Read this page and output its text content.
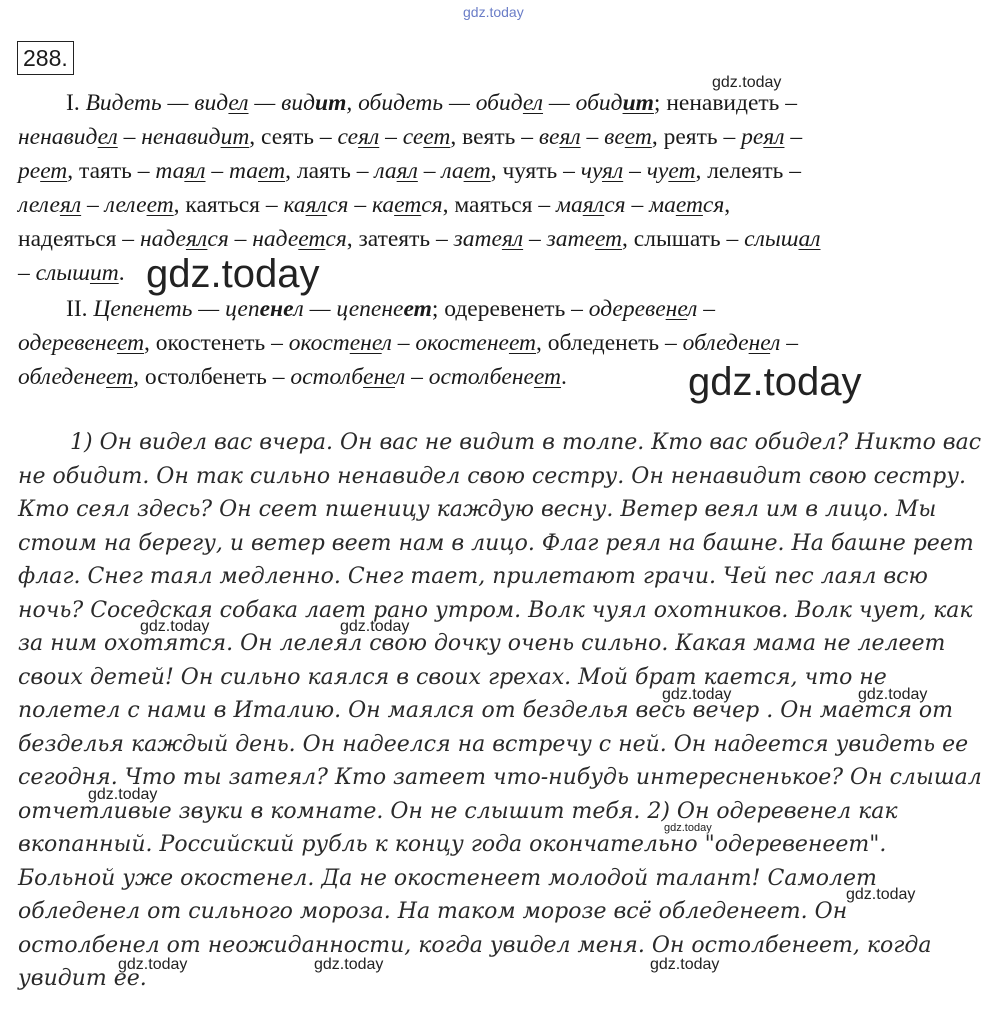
gdz.today
288.
I. Видеть — видел — видит, обидеть — обидел — обидит; ненавидеть –
ненавидел – ненавидит, сеять – сеял – сеет, веять – веял – веет, реять – реял –
реет, таять – таял – тает, лаять – лаял – лает, чуять – чуял – чует, лелеять –
лелеял – лелеет, каяться – каялся – кается, маяться – маялся – мается,
надеяться – надеялся – надеется, затеять – затеял – затеет, слышать – слышал
– слышит.
II. Цепенеть — цепенел — цепенеет; одеревенеть – одеревенел –
одеревенеет, окостенеть – окостенел – окостенеет, обледенеть – обледенел –
обледенеет, остолбенеть – остолбенел – остолбенеет.
1) Он видел вас вчера. Он вас не видит в толпе. Кто вас обидел? Никто вас
не обидит. Он так сильно ненавидел свою сестру. Он ненавидит свою сестру.
Кто сеял здесь? Он сеет пшеницу каждую весну. Ветер веял им в лицо. Мы
стоим на берегу, и ветер веет нам в лицо. Флаг реял на башне. На башне реет
флаг. Снег таял медленно. Снег тает, прилетают грачи. Чей пес лаял всю
ночь? Соседская собака лает рано утром. Волк чуял охотников. Волк чует, как
за ним охотятся. Он лелеял свою дочку очень сильно. Какая мама не лелеет
своих детей! Он сильно каялся в своих грехах. Мой брат кается, что не
полетел с нами в Италию. Он маялся от безделья весь вечер . Он мается от
безделья каждый день. Он надеелся на встречу с ней. Он надеется увидеть ее
сегодня. Что ты затеял? Кто затеет что-нибудь интересненькое? Он слышал
отчетливые звуки в комнате. Он не слышит тебя. 2) Он одеревенел как
вкопанный. Российский рубль к концу года окончательно "одеревенеет".
Больной уже окостенел. Да не окостенеет молодой талант! Самолет
обледенел от сильного мороза. На таком морозе всё обледенеет. Он
остолбенел от неожиданности, когда увидел меня. Он остолбенеет, когда
увидит ее.
gdz.today
gdz.today
gdz.today
gdz.today	gdz.today
gdz.today	gdz.today
gdz.today
gdz.today
gdz.today
gdz.today	gdz.today	gdz.today
